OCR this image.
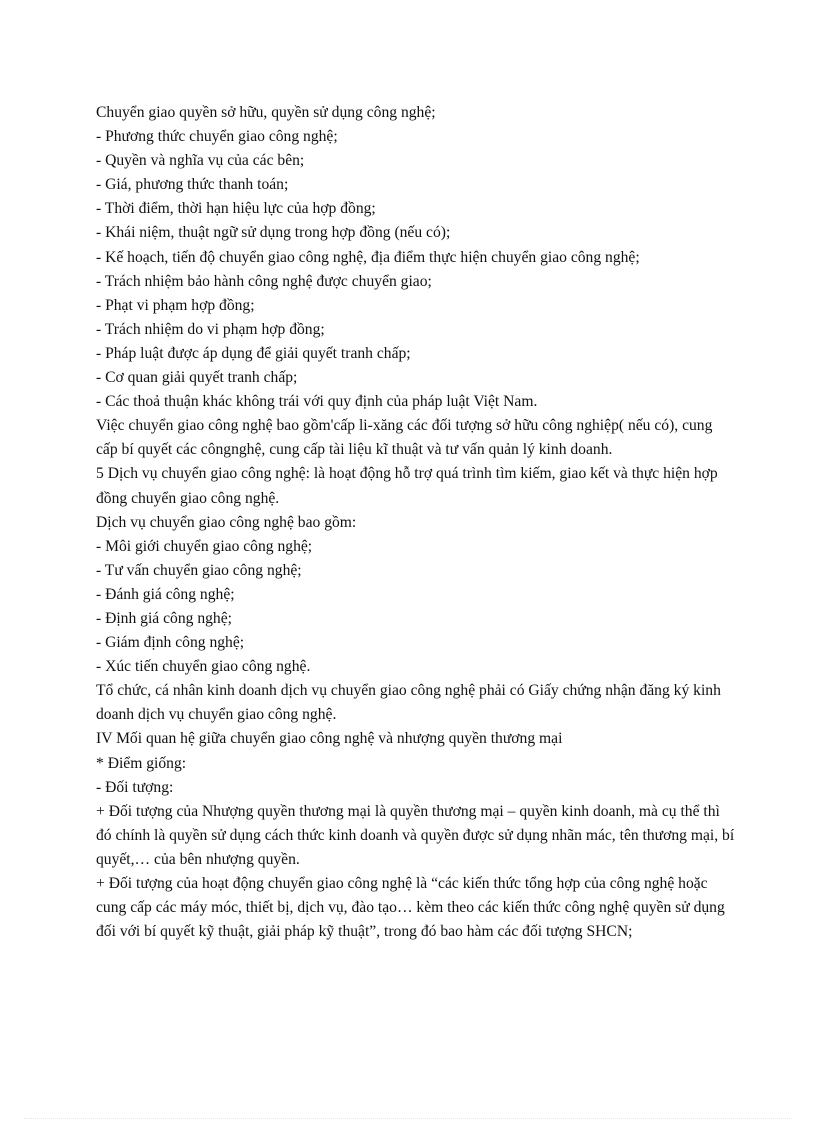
Chuyển giao quyền sở hữu, quyền sử dụng công nghệ;

- Phương thức chuyển giao công nghệ;

- Quyền và nghĩa vụ của các bên;

- Giá, phương thức thanh toán;

- Thời điểm, thời hạn hiệu lực của hợp đồng;

- Khái niệm, thuật ngữ sử dụng trong hợp đồng (nếu có);

- Kế hoạch, tiến độ chuyển giao công nghệ, địa điểm thực hiện chuyển giao công nghệ;

- Trách nhiệm bảo hành công nghệ được chuyển giao;

- Phạt vi phạm hợp đồng;

- Trách nhiệm do vi phạm hợp đồng;

- Pháp luật được áp dụng để giải quyết tranh chấp;

- Cơ quan giải quyết tranh chấp;

- Các thoả thuận khác không trái với quy định của pháp luật Việt Nam.

Việc chuyển giao công nghệ bao gồm'cấp li-xăng các đối tượng sở hữu công nghiệp( nếu có), cung cấp bí quyết các côngnghệ, cung cấp tài liệu kĩ thuật và tư vấn quản lý kinh doanh.

5 Dịch vụ chuyển giao công nghệ: là hoạt động hỗ trợ quá trình tìm kiếm, giao kết và thực hiện hợp đồng chuyển giao công nghệ.

Dịch vụ chuyển giao công nghệ bao gồm:

- Môi giới chuyển giao công nghệ;

- Tư vấn chuyển giao công nghệ;

- Đánh giá công nghệ;

- Định giá công nghệ;

- Giám định công nghệ;

- Xúc tiến chuyển giao công nghệ.

Tổ chức, cá nhân kinh doanh dịch vụ chuyển giao công nghệ phải có Giấy chứng nhận đăng ký kinh doanh dịch vụ chuyển giao công nghệ.

IV Mối quan hệ giữa chuyển giao công nghệ và nhượng quyền thương mại

* Điểm giống:

- Đối tượng:

+ Đối tượng của Nhượng quyền thương mại là quyền thương mại – quyền kinh doanh, mà cụ thể thì đó chính là quyền sử dụng cách thức kinh doanh và quyền được sử dụng nhãn mác, tên thương mại, bí quyết,… của bên nhượng quyền.

+ Đối tượng của hoạt động chuyển giao công nghệ là “các kiến thức tổng hợp của công nghệ hoặc cung cấp các máy móc, thiết bị, dịch vụ, đào tạo… kèm theo các kiến thức công nghệ quyền sử dụng đối với bí quyết kỹ thuật, giải pháp kỹ thuật”, trong đó bao hàm các đối tượng SHCN;
